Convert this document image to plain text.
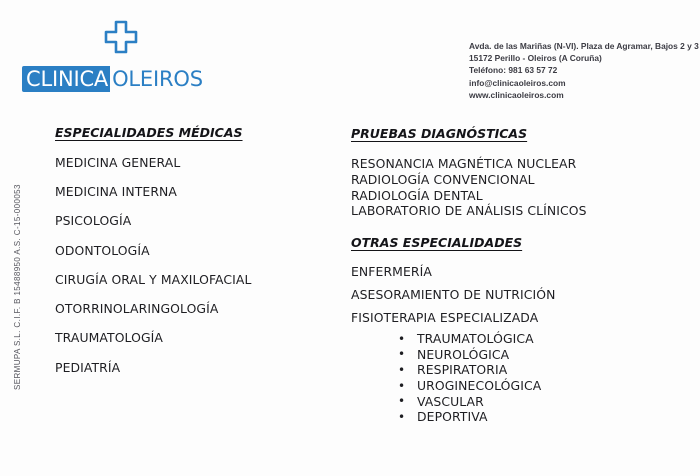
CLINICA OLEIROS
Avda. de las Mariñas (N-VI). Plaza de Agramar, Bajos 2 y 3
15172 Perillo - Oleiros (A Coruña)
Teléfono: 981 63 57 72
info@clinicaoleiros.com
www.clinicaoleiros.com
ESPECIALIDADES MÉDICAS
MEDICINA GENERAL
MEDICINA INTERNA
PSICOLOGÍA
ODONTOLOGÍA
CIRUGÍA ORAL Y MAXILOFACIAL
OTORRINOLARINGOLOGÍA
TRAUMATOLOGÍA
PEDIATRÍA
PRUEBAS DIAGNÓSTICAS
RESONANCIA MAGNÉTICA NUCLEAR
RADIOLOGÍA CONVENCIONAL
RADIOLOGÍA DENTAL
LABORATORIO DE ANÁLISIS CLÍNICOS
OTRAS ESPECIALIDADES
ENFERMERÍA
ASESORAMIENTO DE NUTRICIÓN
FISIOTERAPIA ESPECIALIZADA
• TRAUMATOLÓGICA
• NEUROLÓGICA
• RESPIRATORIA
• UROGINECOLÓGICA
• VASCULAR
• DEPORTIVA
SERMUPA S.L. C.I.F. B 15488950 A.S. C-15-000053
